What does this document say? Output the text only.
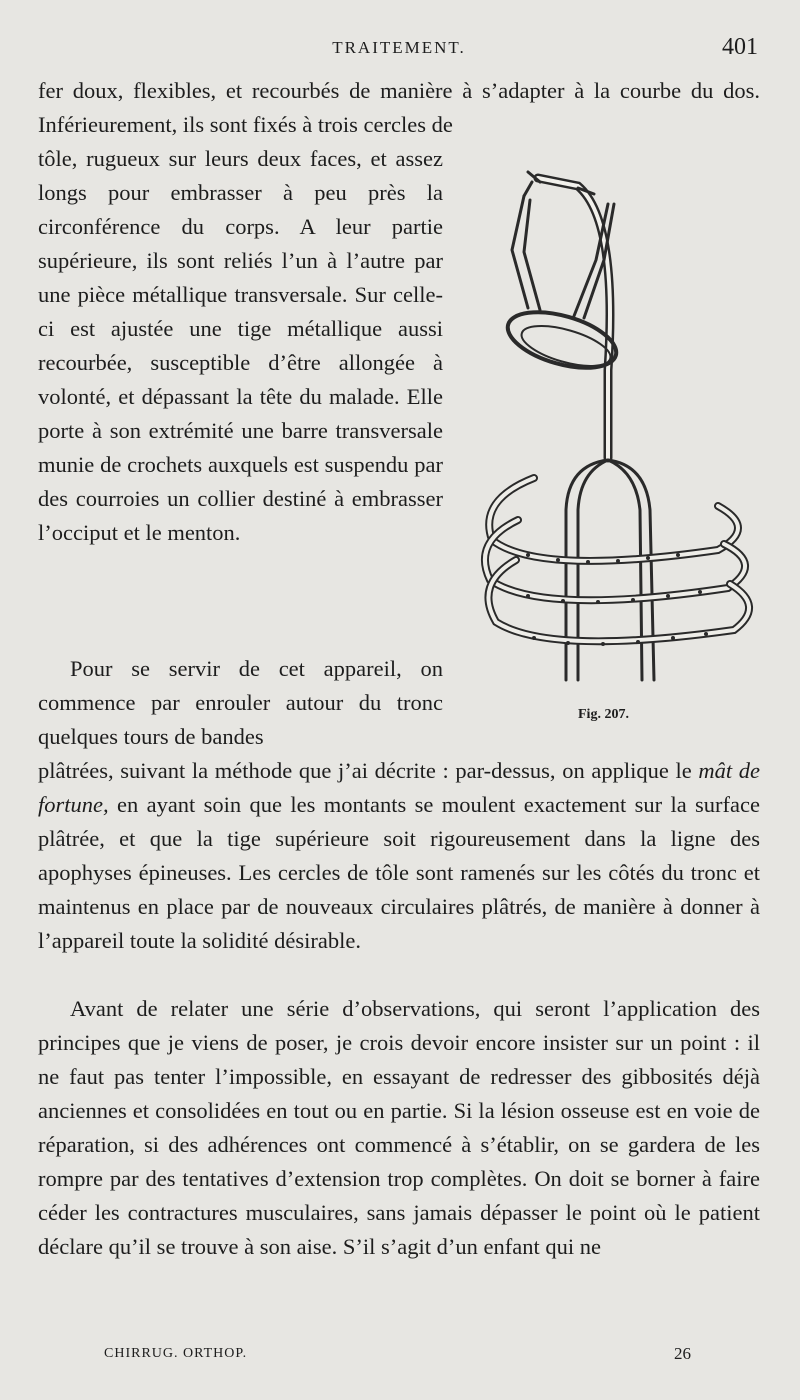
TRAITEMENT.	401

fer doux, flexibles, et recourbés de manière à s’adapter à la courbe du dos. Inférieurement, ils sont fixés à trois cercles de

tôle, rugueux sur leurs deux faces, et assez longs pour embrasser à peu près la circonférence du corps. A leur partie supérieure, ils sont reliés l’un à l’autre par une pièce métallique transversale. Sur celle-ci est ajustée une tige métallique aussi recourbée, susceptible d’être allongée à volonté, et dépassant la tête du malade. Elle porte à son extrémité une barre transversale munie de crochets auxquels est suspendu par des courroies un collier destiné à embrasser l’occiput et le menton.

Pour se servir de cet appareil, on commence par enrouler autour du tronc quelques tours de bandes

plâtrées, suivant la méthode que j’ai décrite : par-dessus, on applique le mât de fortune, en ayant soin que les montants se moulent exactement sur la surface plâtrée, et que la tige supérieure soit rigoureusement dans la ligne des apophyses épineuses. Les cercles de tôle sont ramenés sur les côtés du tronc et maintenus en place par de nouveaux circulaires plâtrés, de manière à donner à l’appareil toute la solidité désirable.

Avant de relater une série d’observations, qui seront l’application des principes que je viens de poser, je crois devoir encore insister sur un point : il ne faut pas tenter l’impossible, en essayant de redresser des gibbosités déjà anciennes et consolidées en tout ou en partie. Si la lésion osseuse est en voie de réparation, si des adhérences ont commencé à s’établir, on se gardera de les rompre par des tentatives d’extension trop complètes. On doit se borner à faire céder les contractures musculaires, sans jamais dépasser le point où le patient déclare qu’il se trouve à son aise. S’il s’agit d’un enfant qui ne

Fig. 207.
CHIRRUG. ORTHOP.	26
